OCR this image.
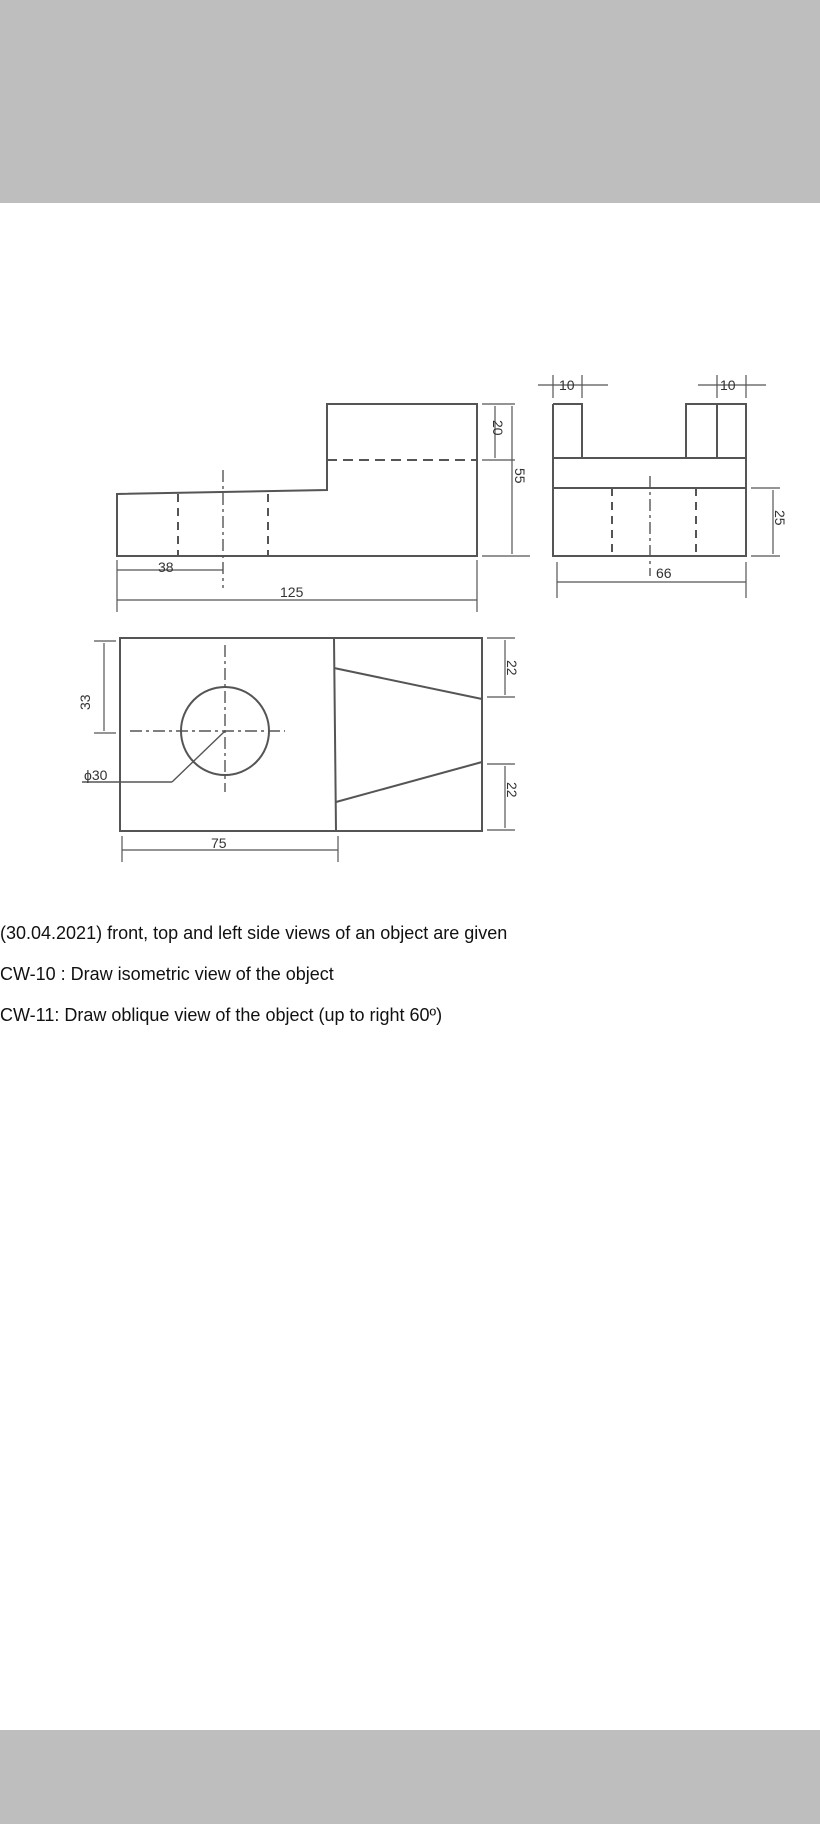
38
125
20
55
10	10
25
66
33
ϕ30
75
22
22
(30.04.2021) front, top and left side views of an object are given
CW-10 : Draw isometric view of the object
CW-11: Draw oblique view of the object (up to right 60º)
